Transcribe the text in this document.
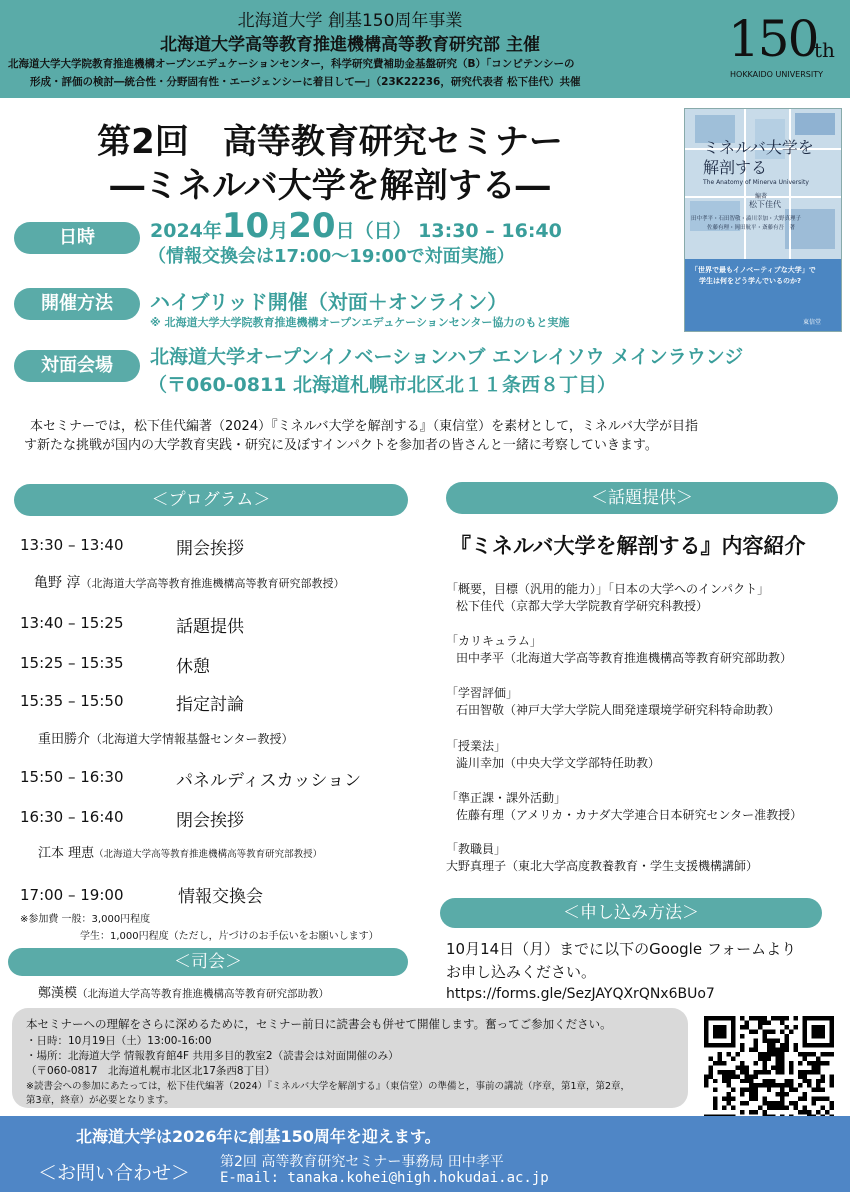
北海道大学 創基150周年事業
北海道大学高等教育推進機構高等教育研究部 主催
北海道大学大学院教育推進機構オープンエデュケーションセンター，科学研究費補助金基盤研究（B）「コンピテンシーの
形成・評価の検討―統合性・分野固有性・エージェンシーに着目して―」（23K22236，研究代表者 松下佳代）共催
150
th
HOKKAIDO UNIVERSITY
第2回　高等教育研究セミナー
―ミネルバ大学を解剖する―
ミネルバ大学を
解剖する
The Anatomy of Minerva University
編著
松下佳代
田中孝平・石田智敬・澁川幸加・大野真理子
佐藤有理・岡田航平・斎藤有吾　著
「世界で最もイノベーティブな大学」で
学生は何をどう学んでいるのか?
東信堂
日時	2024年10月20日（日） 13:30 – 16:40
（情報交換会は17:00～19:00で対面実施）
開催方法	ハイブリッド開催（対面＋オンライン）
※ 北海道大学大学院教育推進機構オープンエデュケーションセンター協力のもと実施
対面会場	北海道大学オープンイノベーションハブ エンレイソウ メインラウンジ
（〒060-0811 北海道札幌市北区北１１条西８丁目）
本セミナーでは，松下佳代編著（2024）『ミネルバ大学を解剖する』（東信堂）を素材として，ミネルバ大学が目指
す新たな挑戦が国内の大学教育実践・研究に及ぼすインパクトを参加者の皆さんと一緒に考察していきます。
＜プログラム＞
13:30 – 13:40	開会挨拶
亀野 淳（北海道大学高等教育推進機構高等教育研究部教授）
13:40 – 15:25	話題提供
15:25 – 15:35	休憩
15:35 – 15:50	指定討論
重田勝介（北海道大学情報基盤センター教授）
15:50 – 16:30	パネルディスカッション
16:30 – 16:40	閉会挨拶
江本 理恵（北海道大学高等教育推進機構高等教育研究部教授）
17:00 – 19:00	情報交換会
※参加費 一般：3,000円程度
学生：1,000円程度（ただし，片づけのお手伝いをお願いします）
＜司会＞
鄭漢模（北海道大学高等教育推進機構高等教育研究部助教）
＜話題提供＞
『ミネルバ大学を解剖する』内容紹介
「概要，目標（汎用的能力）」「日本の大学へのインパクト」
松下佳代（京都大学大学院教育学研究科教授）
「カリキュラム」
田中孝平（北海道大学高等教育推進機構高等教育研究部助教）
「学習評価」
石田智敬（神戸大学大学院人間発達環境学研究科特命助教）
「授業法」
澁川幸加（中央大学文学部特任助教）
「準正課・課外活動」
佐藤有理（アメリカ・カナダ大学連合日本研究センター准教授）
「教職員」
大野真理子（東北大学高度教養教育・学生支援機構講師）
＜申し込み方法＞
10月14日（月）までに以下のGoogle フォームより
お申し込みください。
https://forms.gle/SezJAYQXrQNx6BUo7
本セミナーへの理解をさらに深めるために，セミナー前日に読書会も併せて開催します。奮ってご参加ください。
・日時：10月19日（土）13:00-16:00
・場所：北海道大学 情報教育館4F 共用多目的教室2（読書会は対面開催のみ）
（〒060-0817　北海道札幌市北区北17条西8丁目）
※読書会への参加にあたっては，松下佳代編著（2024）『ミネルバ大学を解剖する』（東信堂）の準備と，事前の講読（序章，第1章，第2章，
第3章，終章）が必要となります。
北海道大学は2026年に創基150周年を迎えます。
＜お問い合わせ＞ 第2回 高等教育研究セミナー事務局 田中孝平
E-mail: tanaka.kohei@high.hokudai.ac.jp
